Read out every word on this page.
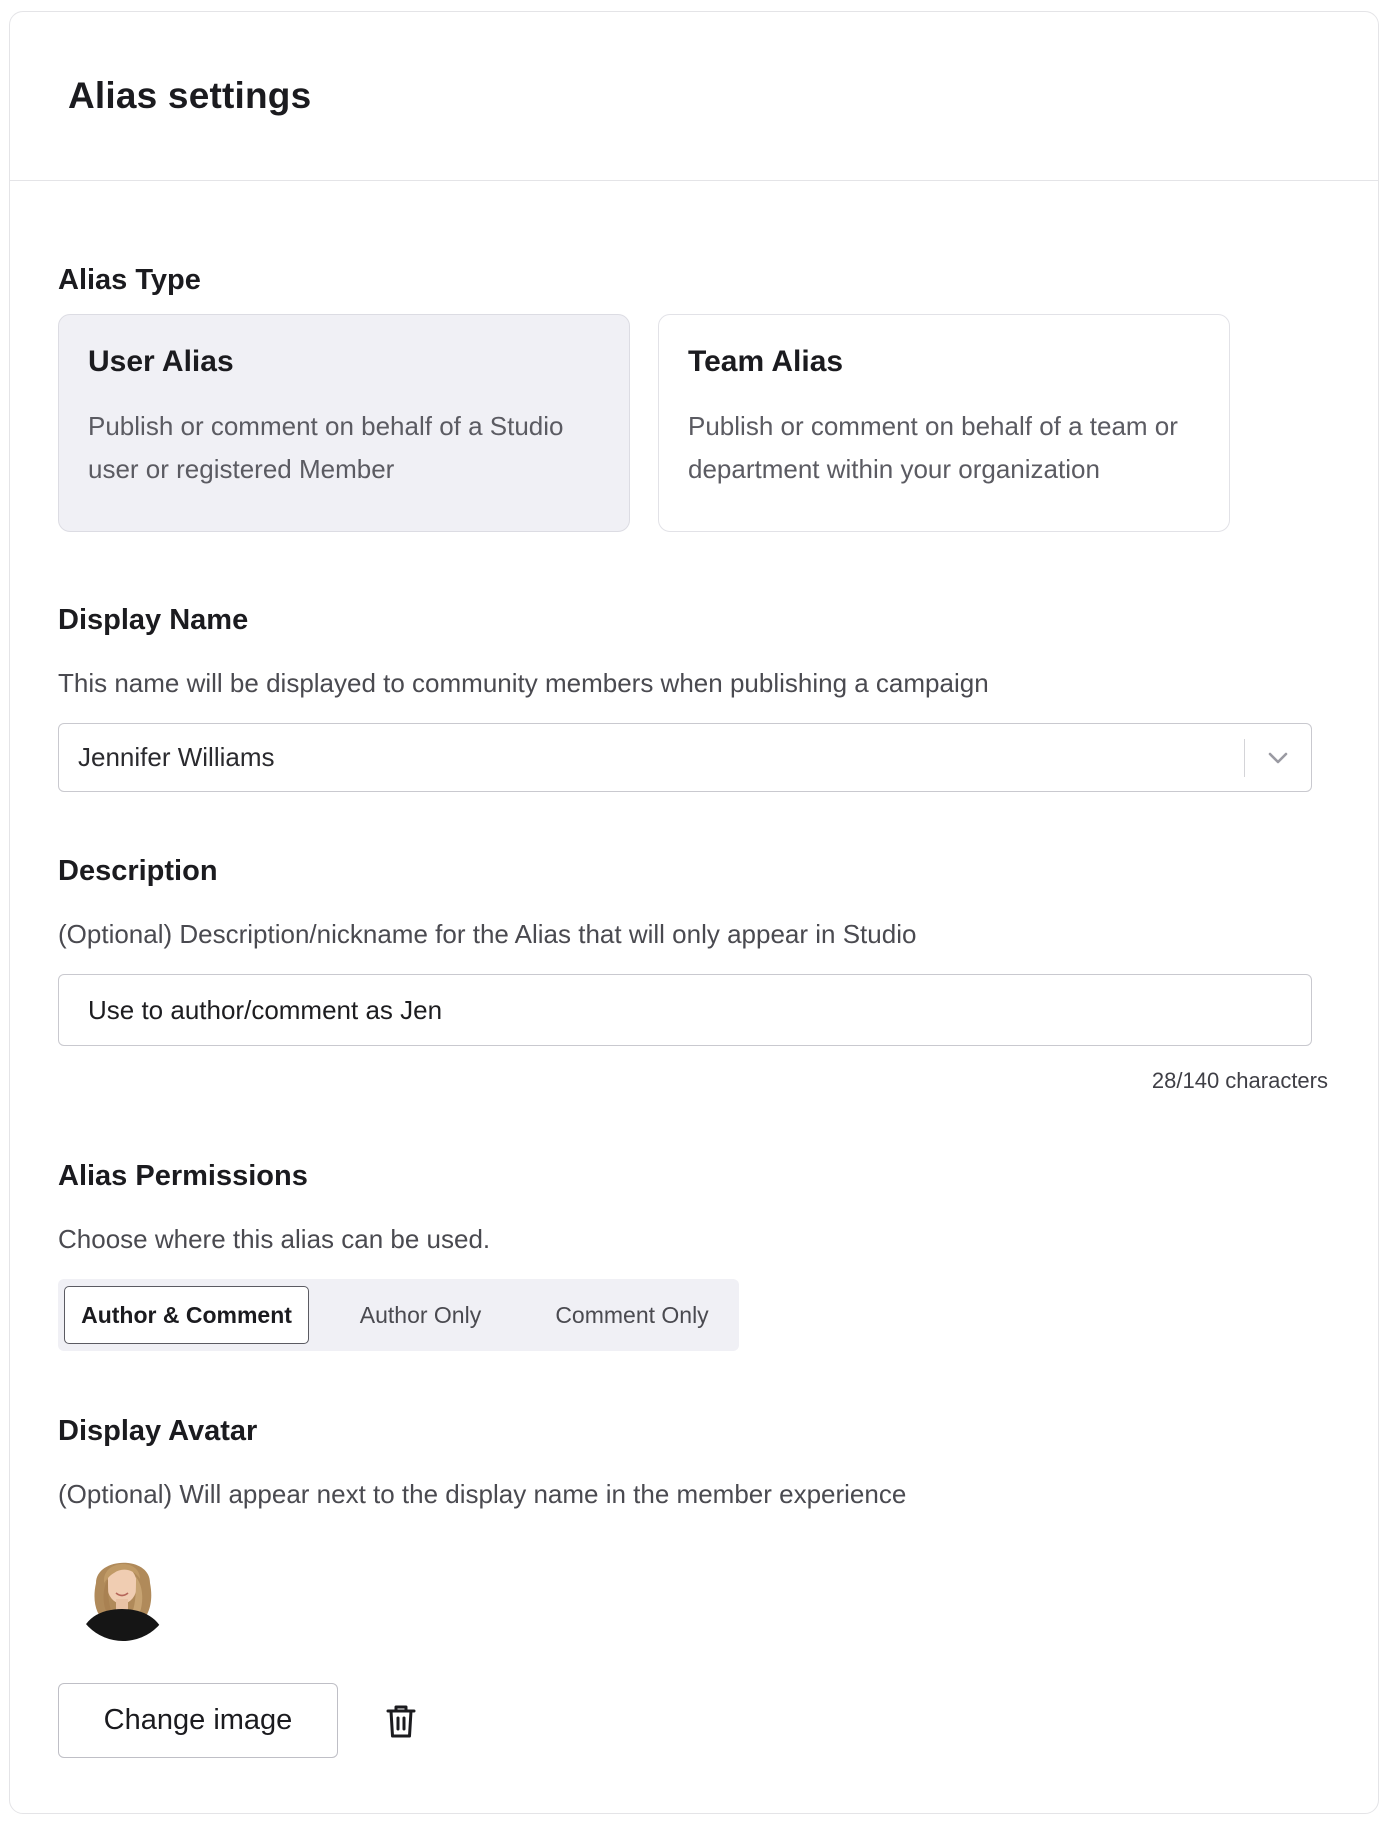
Alias settings
Alias Type
User Alias
Publish or comment on behalf of a Studio user or registered Member
Team Alias
Publish or comment on behalf of a team or department within your organization
Display Name
This name will be displayed to community members when publishing a campaign
Jennifer Williams
Description
(Optional) Description/nickname for the Alias that will only appear in Studio
Use to author/comment as Jen
28/140 characters
Alias Permissions
Choose where this alias can be used.
Author & Comment	Author Only	Comment Only
Display Avatar
(Optional) Will appear next to the display name in the member experience
Change image
